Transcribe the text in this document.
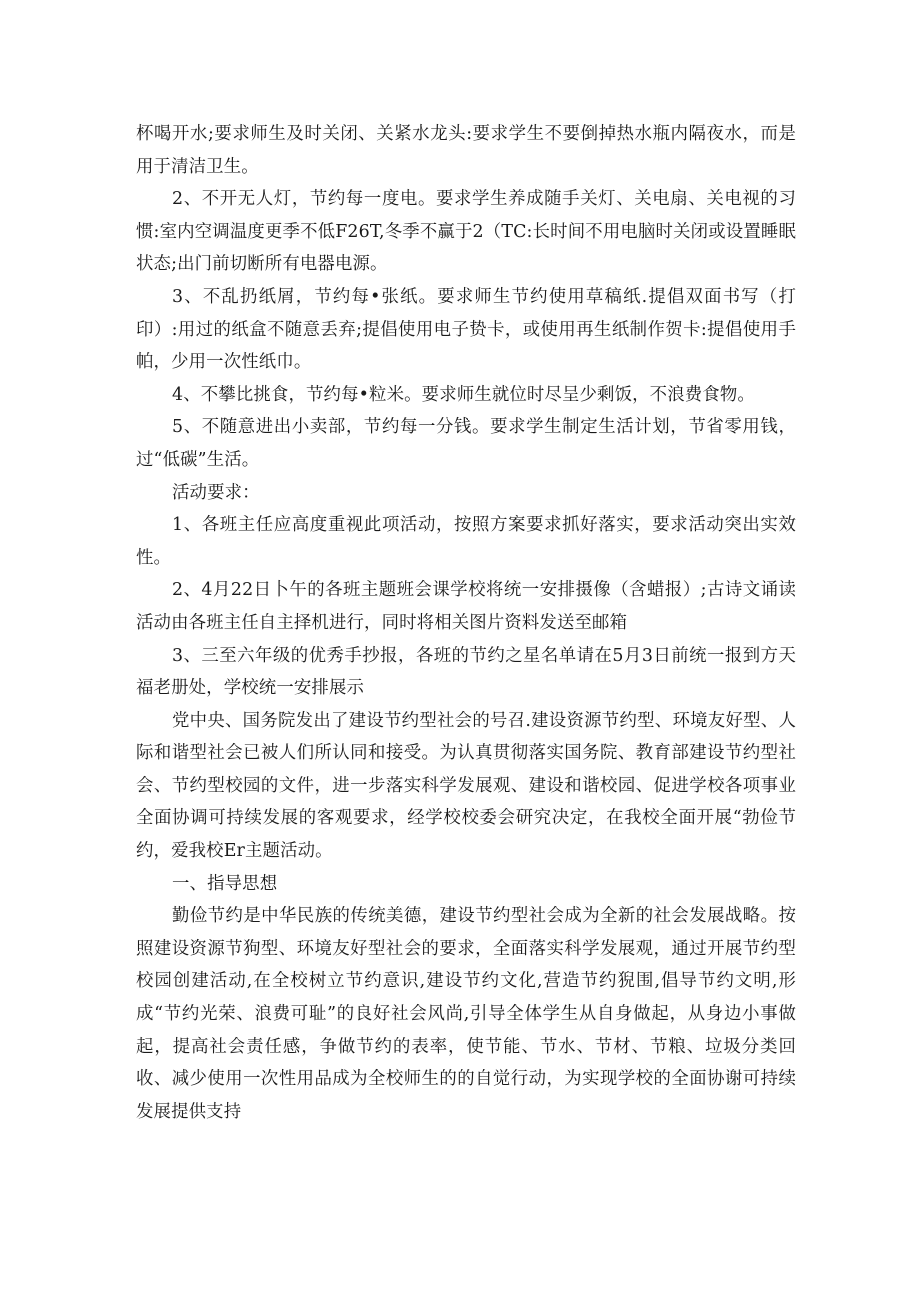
杯喝开水;要求师生及时关闭、关紧水龙头:要求学生不要倒掉热水瓶内隔夜水，而是用于清洁卫生。

2、不开无人灯，节约每一度电。要求学生养成随手关灯、关电扇、关电视的习惯:室内空调温度更季不低F26T,冬季不赢于2（TC:长时间不用电脑时关闭或设置睡眠状态;出门前切断所有电器电源。

3、不乱扔纸屑，节约每•张纸。要求师生节约使用草稿纸.提倡双面书写（打印）:用过的纸盒不随意丢弃;提倡使用电子贽卡，或使用再生纸制作贺卡:提倡使用手帕，少用一次性纸巾。

4、不攀比挑食，节约每•粒米。要求师生就位时尽呈少剩饭，不浪费食物。

5、不随意进出小卖部，节约每一分钱。要求学生制定生活计划，节省零用钱，过“低碳”生活。

活动要求：

1、各班主任应高度重视此项活动，按照方案要求抓好落实，要求活动突出实效性。

2、4月22日卜午的各班主题班会课学校将统一安排摄像（含蜡报）;古诗文诵读活动由各班主任自主择机进行，同时将相关图片资料发送至邮箱

3、三至六年级的优秀手抄报，各班的节约之星名单请在5月3日前统一报到方天福老册处，学校统一安排展示

党中央、国务院发出了建设节约型社会的号召.建设资源节约型、环境友好型、人际和谐型社会已被人们所认同和接受。为认真贯彻落实国务院、教育部建设节约型社会、节约型校园的文件，进一步落实科学发展观、建设和谐校园、促进学校各项事业全面协调可持续发展的客观要求，经学校校委会研究决定，在我校全面开展“勃俭节约，爱我校Er主题活动。

一、指导思想

勤俭节约是中华民族的传统美德，建设节约型社会成为全新的社会发展战略。按照建设资源节狗型、环境友好型社会的要求，全面落实科学发展观，通过开展节约型校园创建活动,在全校树立节约意识,建设节约文化,营造节约猊围,倡导节约文明,形成“节约光荣、浪费可耻”的良好社会风尚,引导全体学生从自身做起，从身边小事做起，提高社会责任感，争做节约的表率，使节能、节水、节材、节粮、垃圾分类回收、减少使用一次性用品成为全校师生的的自觉行动，为实现学校的全面协谢可持续发展提供支持
